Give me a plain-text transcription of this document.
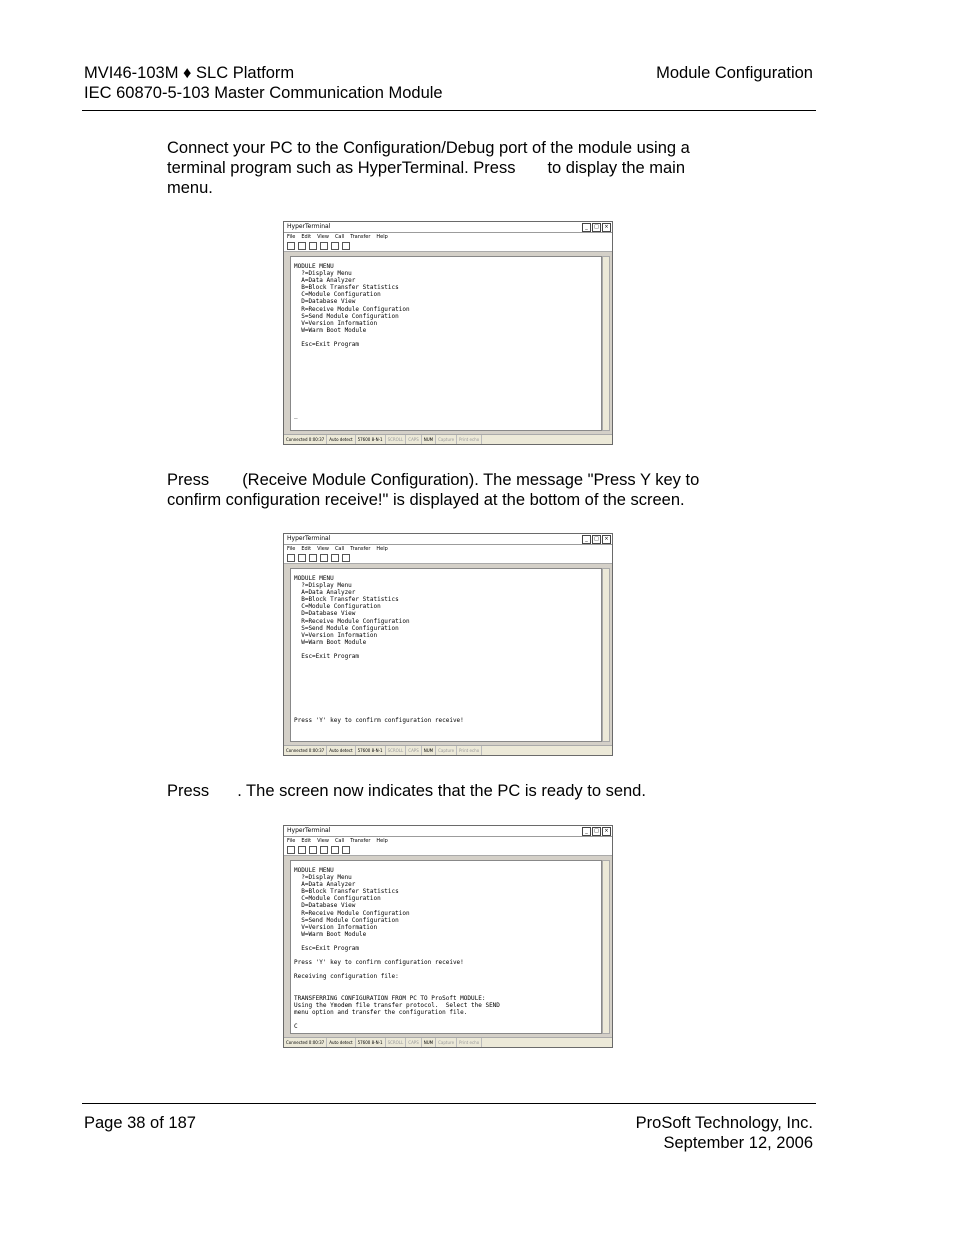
MVI46-103M ♦ SLC Platform
IEC 60870-5-103 Master Communication Module
Module Configuration
Connect your PC to the Configuration/Debug port of the module using a
terminal program such as HyperTerminal. Press to display the main
menu.
HyperTerminal	_	□	×
File Edit View Call Transfer Help
MODULE MENU
?=Display Menu
A=Data Analyzer
B=Block Transfer Statistics
C=Module Configuration
D=Database View
R=Receive Module Configuration
S=Send Module Configuration
V=Version Information
W=Warm Boot Module

Esc=Exit Program

_
Connected 0:00:37	Auto detect	57600 8-N-1	SCROLL	CAPS	NUM	Capture	Print echo
Press (Receive Module Configuration). The message "Press Y key to
confirm configuration receive!" is displayed at the bottom of the screen.
HyperTerminal	_	□	×
File Edit View Call Transfer Help
MODULE MENU
?=Display Menu
A=Data Analyzer
B=Block Transfer Statistics
C=Module Configuration
D=Database View
R=Receive Module Configuration
S=Send Module Configuration
V=Version Information
W=Warm Boot Module

Esc=Exit Program

Press 'Y' key to confirm configuration receive!
Connected 0:00:37	Auto detect	57600 8-N-1	SCROLL	CAPS	NUM	Capture	Print echo
Press . The screen now indicates that the PC is ready to send.
HyperTerminal	_	□	×
File Edit View Call Transfer Help
MODULE MENU
?=Display Menu
A=Data Analyzer
B=Block Transfer Statistics
C=Module Configuration
D=Database View
R=Receive Module Configuration
S=Send Module Configuration
V=Version Information
W=Warm Boot Module

Esc=Exit Program

Press 'Y' key to confirm configuration receive!

Receiving configuration file:

TRANSFERRING CONFIGURATION FROM PC TO ProSoft MODULE:
Using the Ymodem file transfer protocol.  Select the SEND
menu option and transfer the configuration file.

C
Connected 0:00:37	Auto detect	57600 8-N-1	SCROLL	CAPS	NUM	Capture	Print echo
Page 38 of 187	ProSoft Technology, Inc.
September 12, 2006
